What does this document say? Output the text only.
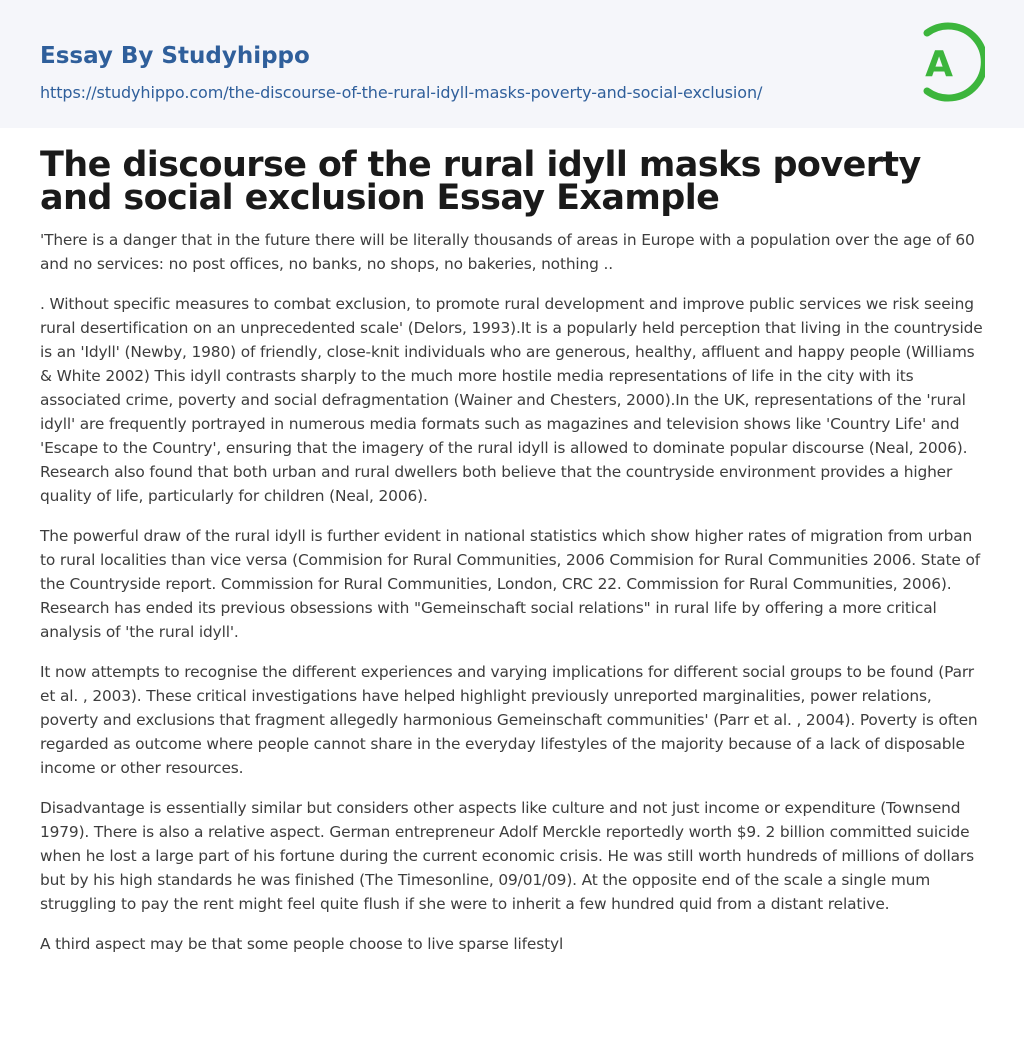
Essay By Studyhippo
https://studyhippo.com/the-discourse-of-the-rural-idyll-masks-poverty-and-social-exclusion/
A
The discourse of the rural idyll masks poverty and social exclusion Essay Example

'There is a danger that in the future there will be literally thousands of areas in Europe with a population over the age of 60 and no services: no post offices, no banks, no shops, no bakeries, nothing ..

. Without specific measures to combat exclusion, to promote rural development and improve public services we risk seeing rural desertification on an unprecedented scale' (Delors, 1993).It is a popularly held perception that living in the countryside is an 'Idyll' (Newby, 1980) of friendly, close-knit individuals who are generous, healthy, affluent and happy people (Williams & White 2002) This idyll contrasts sharply to the much more hostile media representations of life in the city with its associated crime, poverty and social defragmentation (Wainer and Chesters, 2000).In the UK, representations of the 'rural idyll' are frequently portrayed in numerous media formats such as magazines and television shows like 'Country Life' and 'Escape to the Country', ensuring that the imagery of the rural idyll is allowed to dominate popular discourse (Neal, 2006). Research also found that both urban and rural dwellers both believe that the countryside environment provides a higher quality of life, particularly for children (Neal, 2006).

The powerful draw of the rural idyll is further evident in national statistics which show higher rates of migration from urban to rural localities than vice versa (Commision for Rural Communities, 2006 Commision for Rural Communities 2006. State of the Countryside report. Commission for Rural Communities, London, CRC 22. Commission for Rural Communities, 2006). Research has ended its previous obsessions with "Gemeinschaft social relations" in rural life by offering a more critical analysis of 'the rural idyll'.

It now attempts to recognise the different experiences and varying implications for different social groups to be found (Parr et al. , 2003). These critical investigations have helped highlight previously unreported marginalities, power relations, poverty and exclusions that fragment allegedly harmonious Gemeinschaft communities' (Parr et al. , 2004). Poverty is often regarded as outcome where people cannot share in the everyday lifestyles of the majority because of a lack of disposable income or other resources.

Disadvantage is essentially similar but considers other aspects like culture and not just income or expenditure (Townsend 1979). There is also a relative aspect. German entrepreneur Adolf Merckle reportedly worth $9. 2 billion committed suicide when he lost a large part of his fortune during the current economic crisis. He was still worth hundreds of millions of dollars but by his high standards he was finished (The Timesonline, 09/01/09). At the opposite end of the scale a single mum struggling to pay the rent might feel quite flush if she were to inherit a few hundred quid from a distant relative.

A third aspect may be that some people choose to live sparse lifestyl
